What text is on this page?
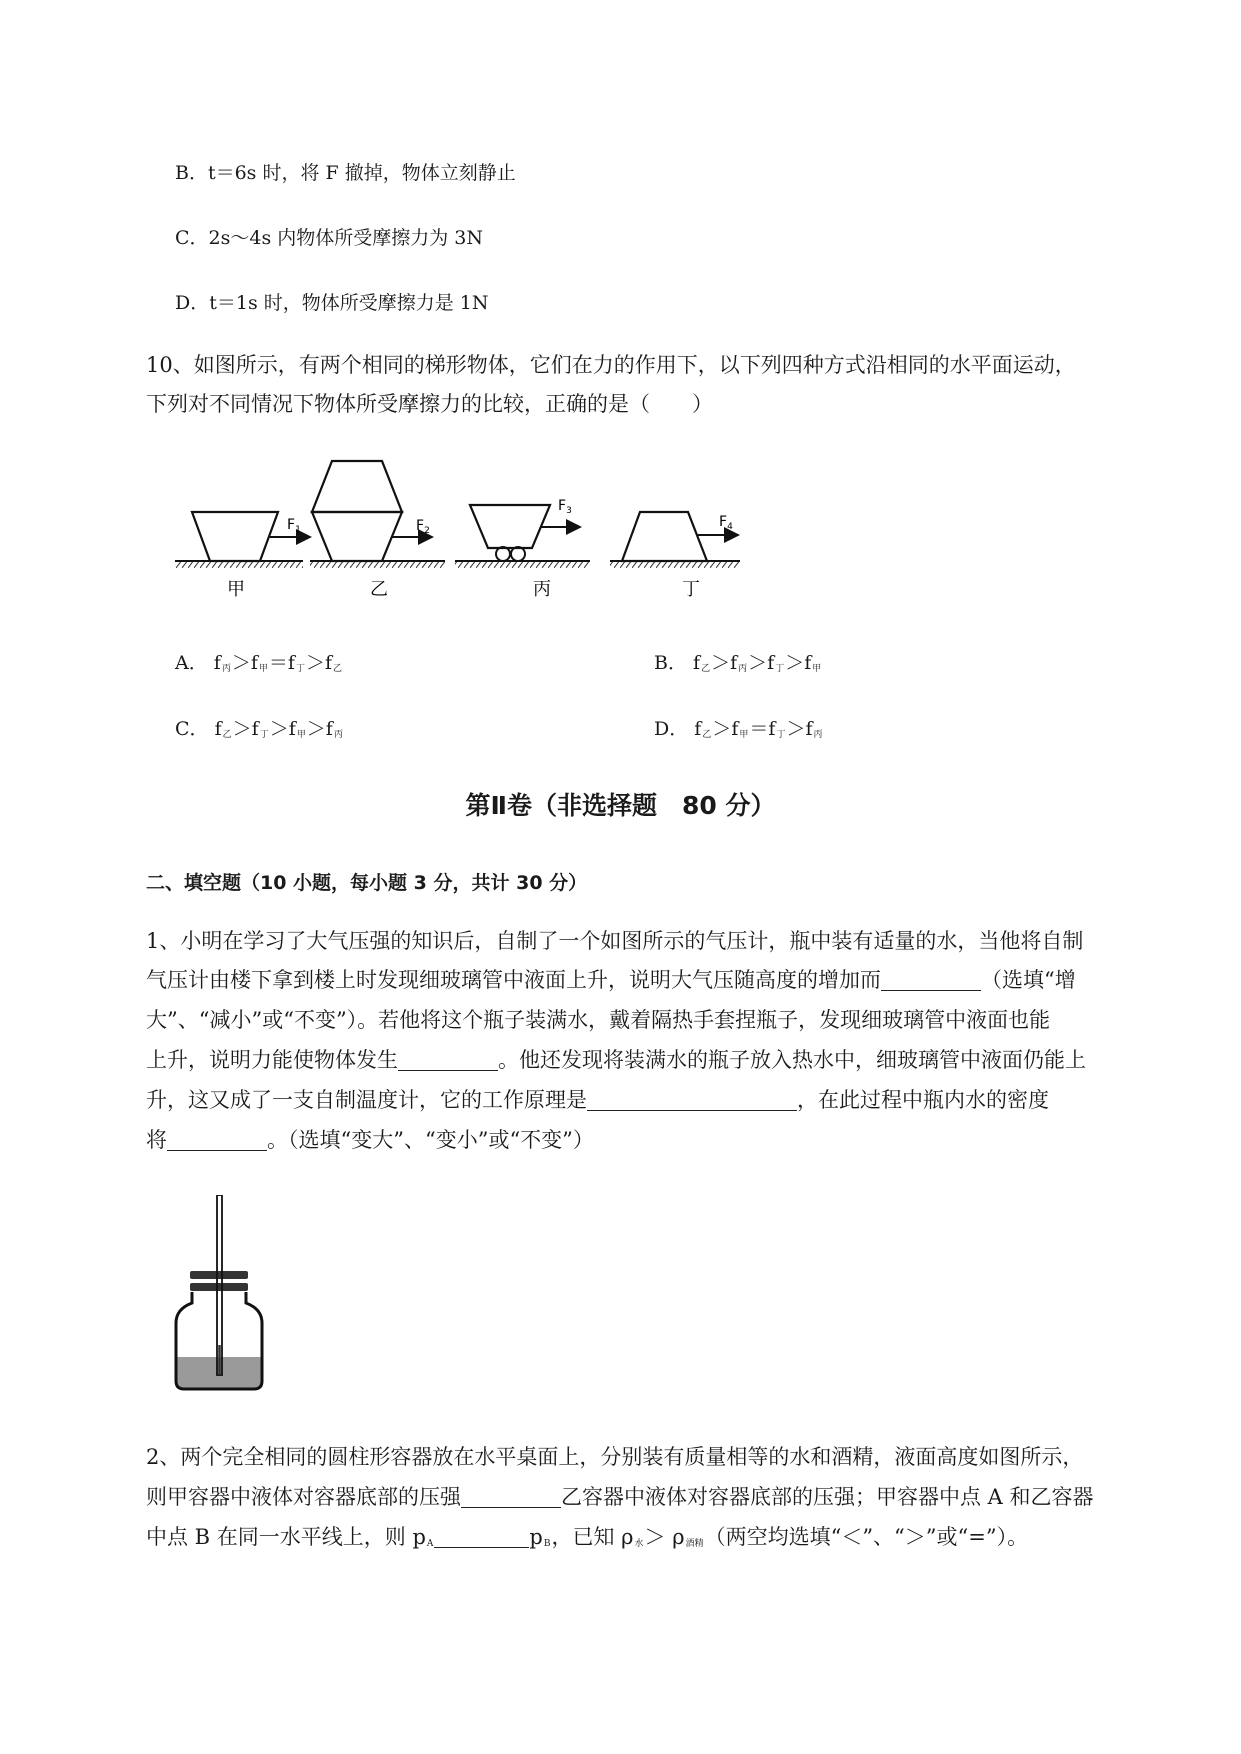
B．t＝6s 时，将 F 撤掉，物体立刻静止
C．2s～4s 内物体所受摩擦力为 3N
D．t＝1s 时，物体所受摩擦力是 1N
10、如图所示，有两个相同的梯形物体，它们在力的作用下，以下列四种方式沿相同的水平面运动，
下列对不同情况下物体所受摩擦力的比较，正确的是（　　）
$F_1$
甲
$F_2$
乙
$F_3$
丙
$F_4$
丁
A． $f_丙>f_甲=f_丁>f_乙$	B． $f_乙>f_丙>f_丁>f_甲$
C． $f_乙>f_丁>f_甲>f_丙$	D． $f_乙>f_甲=f_丁>f_丙$
第Ⅱ卷（非选择题　80 分）
二、填空题（10 小题，每小题 3 分，共计 30 分）
1、小明在学习了大气压强的知识后，自制了一个如图所示的气压计，瓶中装有适量的水，当他将自制
气压计由楼下拿到楼上时发现细玻璃管中液面上升，说明大气压随高度的增加而	（选填“增
大”、“减小”或“不变”）。若他将这个瓶子装满水，戴着隔热手套捏瓶子，发现细玻璃管中液面也能
上升，说明力能使物体发生	。他还发现将装满水的瓶子放入热水中，细玻璃管中液面仍能上
升，这又成了一支自制温度计，它的工作原理是	，在此过程中瓶内水的密度
将	。（选填“变大”、“变小”或“不变”）
2、两个完全相同的圆柱形容器放在水平桌面上，分别装有质量相等的水和酒精，液面高度如图所示，
则甲容器中液体对容器底部的压强	乙容器中液体对容器底部的压强；甲容器中点 A 和乙容器
中点 B 在同一水平线上，则 $p_A$	$p_B$，已知 $\rho_水> \rho_{酒精}$（两空均选填“＜”、“＞”或“=”）。
